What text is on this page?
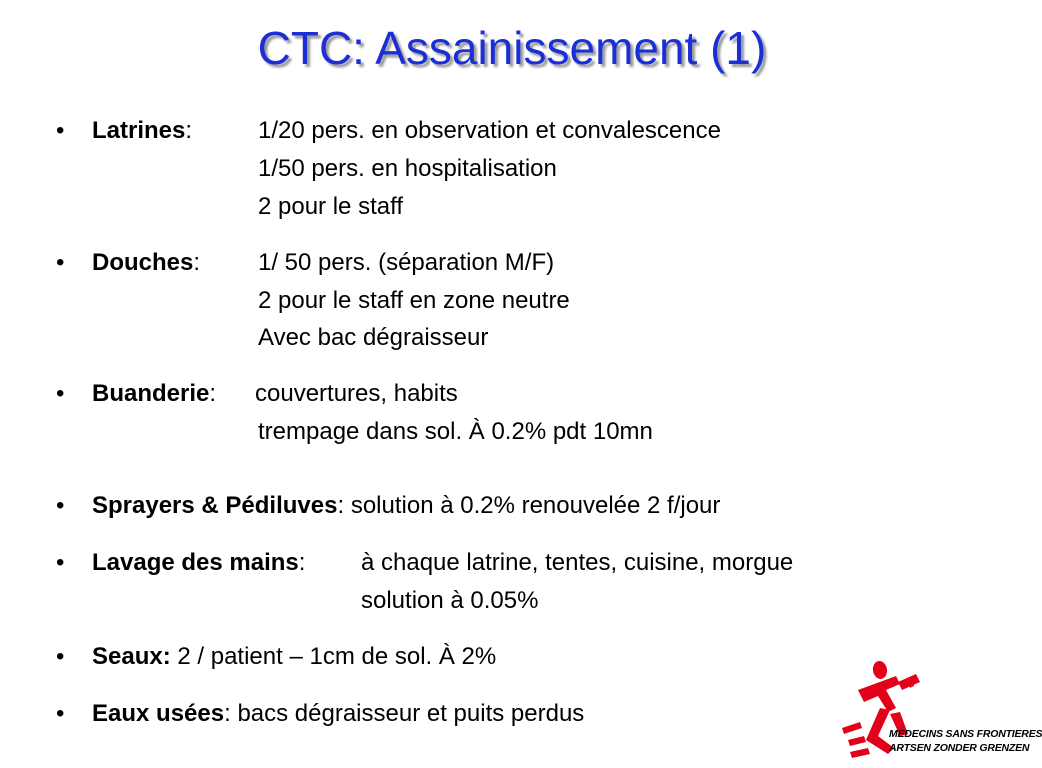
CTC: Assainissement (1)
• Latrines:	1/20 pers. en observation et convalescence
1/50 pers. en hospitalisation
2 pour le staff
• Douches: 1/ 50 pers. (séparation M/F)
2 pour le staff en zone neutre
Avec bac dégraisseur
• Buanderie: couvertures, habits
trempage dans sol. À 0.2% pdt 10mn
• Sprayers & Pédiluves: solution à 0.2% renouvelée 2 f/jour
• Lavage des mains: à chaque latrine, tentes, cuisine, morgue
solution à 0.05%
• Seaux: 2 / patient – 1cm de sol. À 2%
• Eaux usées: bacs dégraisseur et puits perdus
MEDECINS SANS FRONTIERES
ARTSEN ZONDER GRENZEN
